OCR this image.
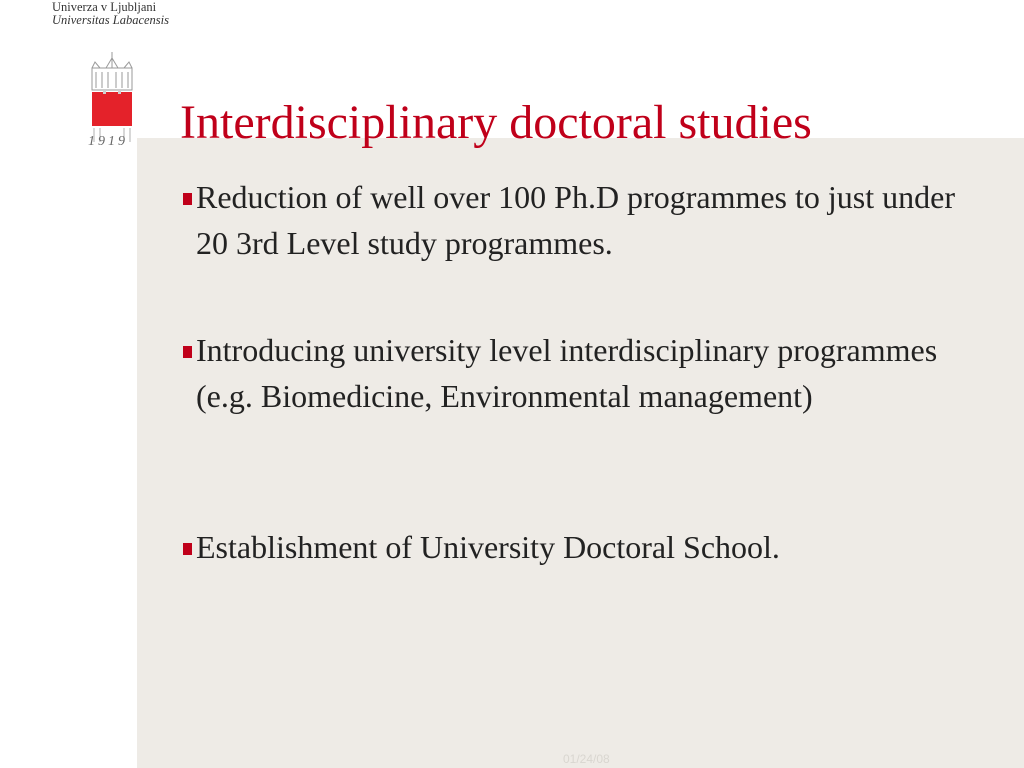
Univerza v Ljubljani
Universitas Labacensis
1919 Interdisciplinary doctoral studies
Reduction of well over 100 Ph.D programmes to just under 20 3rd Level study programmes.
Introducing university level interdisciplinary programmes (e.g. Biomedicine, Environmental management)
Establishment of University Doctoral School.
01/24/08
